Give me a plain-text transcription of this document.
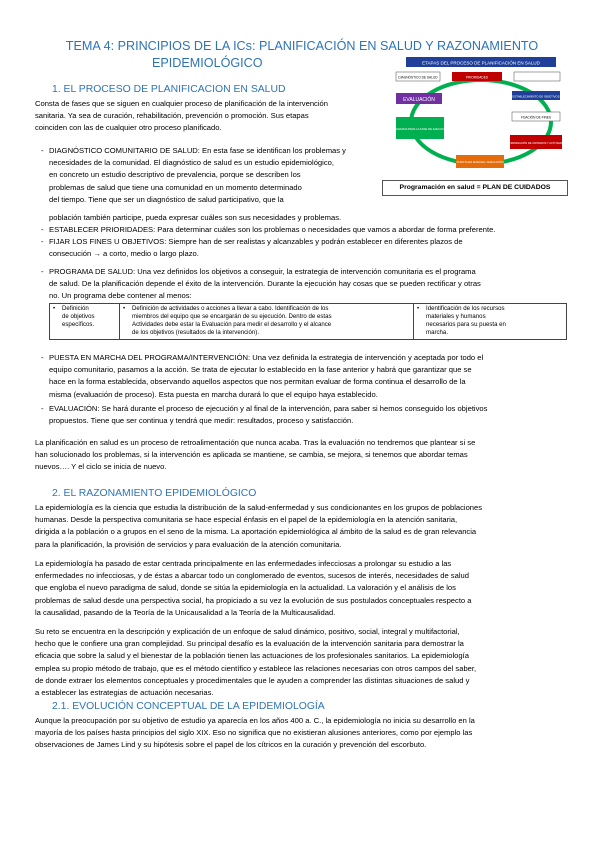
TEMA 4: PRINCIPIOS DE LA ICs: PLANIFICACIÓN EN SALUD Y RAZONAMIENTO
EPIDEMIOLÓGICO	ETAPAS DEL PROCESO DE PLANIFICACIÓN EN SALUD
DIAGNÓSTICO DE SALUD	PRIORIDADES
EVALUACIÓN
ESTABLECIMIENTO DE OBJETIVOS
FIJACIÓN DE FINES
PROGRAMA PARA LA FASE DE EJECUCIÓN
DETERMINACIÓN DE CRITERIOS Y ACTIVIDADES
PUESTA EN MARCHA / EJECUCIÓN
Programación en salud = PLAN DE CUIDADOS
1. EL PROCESO DE PLANIFICACION EN SALUD
Consta de fases que se siguen en cualquier proceso de planificación de la intervención
sanitaria. Ya sea de curación, rehabilitación, prevención o promoción. Sus etapas
coinciden con las de cualquier otro proceso planificado.
- DIAGNÓSTICO COMUNITARIO DE SALUD: En esta fase se identifican los problemas y
necesidades de la comunidad. El diagnóstico de salud es un estudio epidemiológico,
en concreto un estudio descriptivo de prevalencia, porque se describen los
problemas de salud que tiene una comunidad en un momento determinado
del tiempo. Tiene que ser un diagnóstico de salud participativo, que la
población también participe, pueda expresar cuáles son sus necesidades y problemas.
- ESTABLECER PRIORIDADES: Para determinar cuáles son los problemas o necesidades que vamos a abordar de forma preferente.
- FIJAR LOS FINES U OBJETIVOS: Siempre han de ser realistas y alcanzables y podrán establecer en diferentes plazos de
consecución → a corto, medio o largo plazo.
- PROGRAMA DE SALUD: Una vez definidos los objetivos a conseguir, la estrategia de intervención comunitaria es el programa
de salud. De la planificación depende el éxito de la intervención. Durante la ejecución hay cosas que se pueden rectificar y otras
no. Un programa debe contener al menos:
• Definición
de objetivos
específicos.
	• Definición de actividades o acciones a llevar a cabo. Identificación de los
miembros del equipo que se encargarán de su ejecución. Dentro de estas
Actividades debe estar la Evaluación para medir el desarrollo y el alcance
de los objetivos (resultados de la intervención).
	• Identificación de los recursos
materiales y humanos
necesarios para su puesta en
marcha.
- PUESTA EN MARCHA DEL PROGRAMA/INTERVENCIÓN: Una vez definida la estrategia de intervención y aceptada por todo el
equipo comunitario, pasamos a la acción. Se trata de ejecutar lo establecido en la fase anterior y habrá que garantizar que se
hace en la forma establecida, observando aquellos aspectos que nos permitan evaluar de forma continua el desarrollo de la
misma (evaluación de proceso). Esta puesta en marcha durará lo que el equipo haya establecido.
- EVALUACIÓN: Se hará durante el proceso de ejecución y al final de la intervención, para saber si hemos conseguido los objetivos
propuestos. Tiene que ser continua y tendrá que medir: resultados, proceso y satisfacción.
La planificación en salud es un proceso de retroalimentación que nunca acaba. Tras la evaluación no tendremos que plantear si se
han solucionado los problemas, si la intervención es aplicada se mantiene, se cambia, se mejora, si tenemos que abordar temas
nuevos…. Y el ciclo se inicia de nuevo.
2. EL RAZONAMIENTO EPIDEMIOLÓGICO
La epidemiología es la ciencia que estudia la distribución de la salud-enfermedad y sus condicionantes en los grupos de poblaciones
humanas. Desde la perspectiva comunitaria se hace especial énfasis en el papel de la epidemiología en la atención sanitaria,
dirigida a la población o a grupos en el seno de la misma. La aportación epidemiológica al ámbito de la salud es de gran relevancia
para la planificación, la provisión de servicios y para evaluación de la atención comunitaria.
La epidemiología ha pasado de estar centrada principalmente en las enfermedades infecciosas a prolongar su estudio a las
enfermedades no infecciosas, y de éstas a abarcar todo un conglomerado de eventos, sucesos de interés, necesidades de salud
que engloba el nuevo paradigma de salud, donde se sitúa la epidemiología en la actualidad. La valoración y el análisis de los
problemas de salud desde una perspectiva social, ha propiciado a su vez la evolución de sus postulados conceptuales respecto a
la causalidad, pasando de la Teoría de la Unicausalidad a la Teoría de la Multicausalidad.
Su reto se encuentra en la descripción y explicación de un enfoque de salud dinámico, positivo, social, integral y multifactorial,
hecho que le confiere una gran complejidad. Su principal desafío es la evaluación de la intervención sanitaria para demostrar la
eficacia que sobre la salud y el bienestar de la población tienen las actuaciones de los profesionales sanitarios. La epidemiología
emplea su propio método de trabajo, que es el método científico y establece las relaciones necesarias con otros campos del saber,
de donde extraer los elementos conceptuales y procedimentales que le ayuden a comprender las distintas situaciones de salud y
a establecer las estrategias de actuación necesarias.
2.1. EVOLUCIÓN CONCEPTUAL DE LA EPIDEMIOLOGÍA
Aunque la preocupación por su objetivo de estudio ya aparecía en los años 400 a. C., la epidemiología no inicia su desarrollo en la
mayoría de los países hasta principios del siglo XIX. Eso no significa que no existieran alusiones anteriores, como por ejemplo las
observaciones de James Lind y su hipótesis sobre el papel de los cítricos en la curación y prevención del escorbuto.
